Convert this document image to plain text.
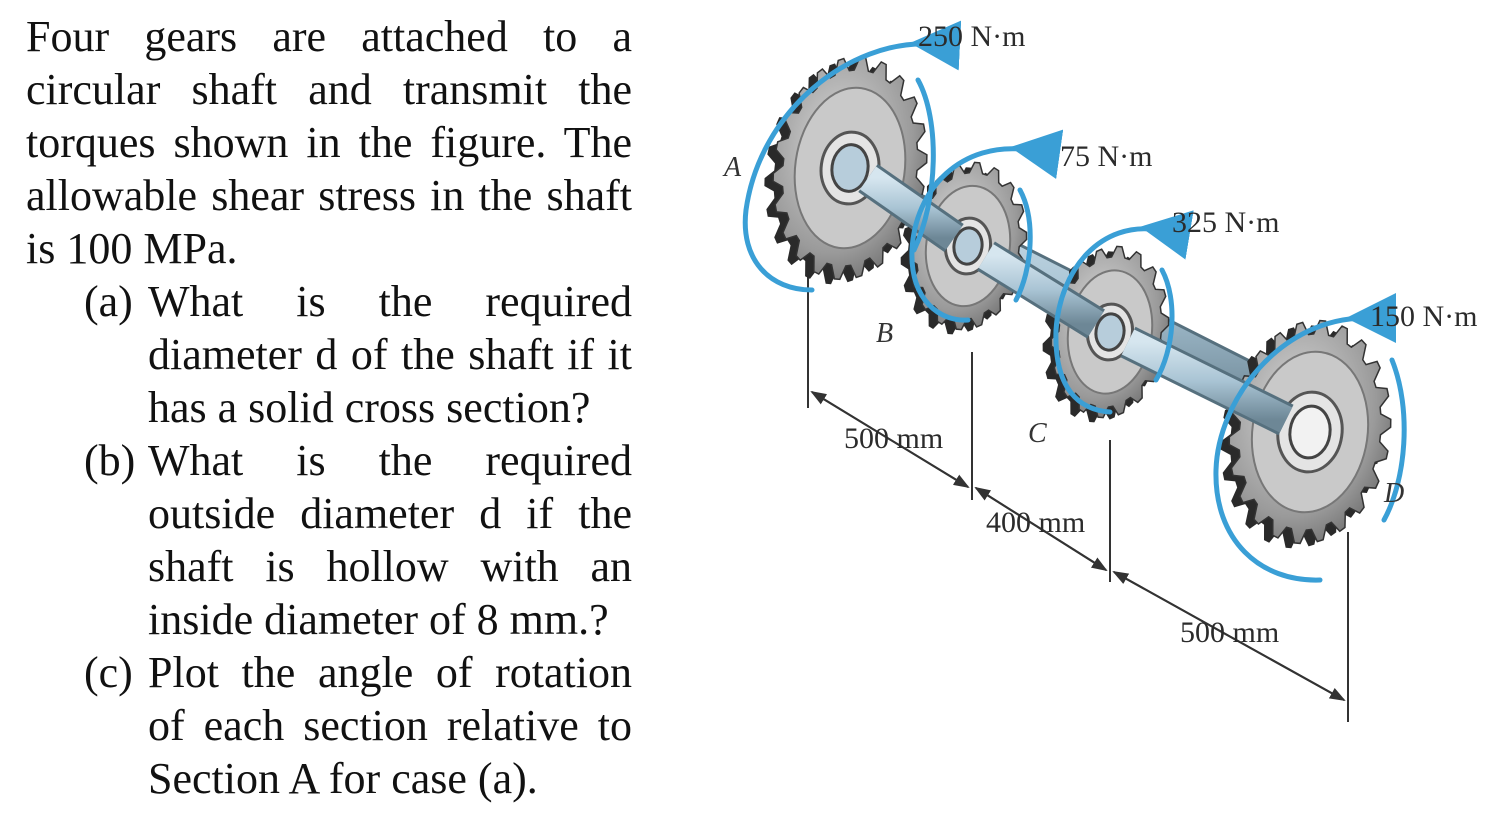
Four gears are attached to a circular shaft and transmit the torques shown in the figure. The allowable shear stress in the shaft is 100 MPa.
(a) What is the required diameter d of the shaft if it has a solid cross section?
(b) What is the required outside diameter d if the shaft is hollow with an inside diameter of 8 mm.?
(c) Plot the angle of rotation of each section relative to Section A for case (a).
250 N·m
75 N·m
325 N·m
150 N·m
A
B
C
D
500 mm
400 mm
500 mm
